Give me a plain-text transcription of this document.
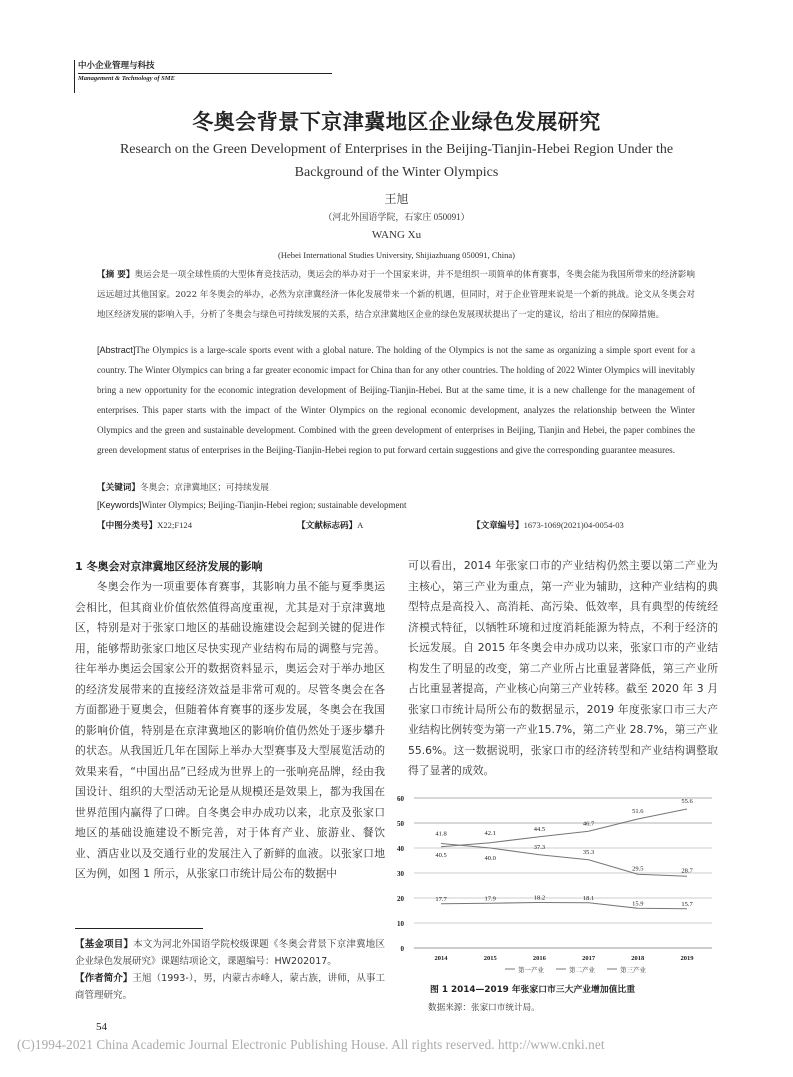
中小企业管理与科技
Management & Technology of SME
冬奥会背景下京津冀地区企业绿色发展研究
Research on the Green Development of Enterprises in the Beijing-Tianjin-Hebei Region Under the Background of the Winter Olympics
王旭
（河北外国语学院，石家庄 050091）
WANG Xu
(Hebei International Studies University, Shijiazhuang 050091, China)
【摘 要】奥运会是一项全球性质的大型体育竞技活动，奥运会的举办对于一个国家来讲，并不是组织一项简单的体育赛事，冬奥会能为我国所带来的经济影响远远超过其他国家。2022 年冬奥会的举办，必然为京津冀经济一体化发展带来一个新的机遇，但同时，对于企业管理来说是一个新的挑战。论文从冬奥会对地区经济发展的影响入手，分析了冬奥会与绿色可持续发展的关系，结合京津冀地区企业的绿色发展现状提出了一定的建议，给出了相应的保障措施。
[Abstract]The Olympics is a large-scale sports event with a global nature. The holding of the Olympics is not the same as organizing a simple sport event for a country. The Winter Olympics can bring a far greater economic impact for China than for any other countries. The holding of 2022 Winter Olympics will inevitably bring a new opportunity for the economic integration development of Beijing-Tianjin-Hebei. But at the same time, it is a new challenge for the management of enterprises. This paper starts with the impact of the Winter Olympics on the regional economic development, analyzes the relationship between the Winter Olympics and the green and sustainable development. Combined with the green development of enterprises in Beijing, Tianjin and Hebei, the paper combines the green development status of enterprises in the Beijing-Tianjin-Hebei region to put forward certain suggestions and give the corresponding guarantee measures.
【关键词】冬奥会；京津冀地区；可持续发展
[Keywords]Winter Olympics; Beijing-Tianjin-Hebei region; sustainable development
【中图分类号】X22;F124	【文献标志码】A	【文章编号】1673-1069(2021)04-0054-03
1 冬奥会对京津冀地区经济发展的影响

冬奥会作为一项重要体育赛事，其影响力虽不能与夏季奥运会相比，但其商业价值依然值得高度重视，尤其是对于京津冀地区，特别是对于张家口地区的基础设施建设会起到关键的促进作用，能够帮助张家口地区尽快实现产业结构布局的调整与完善。往年举办奥运会国家公开的数据资料显示，奥运会对于举办地区的经济发展带来的直接经济效益是非常可观的。尽管冬奥会在各方面都逊于夏奥会，但随着体育赛事的逐步发展，冬奥会在我国的影响价值，特别是在京津冀地区的影响价值仍然处于逐步攀升的状态。从我国近几年在国际上举办大型赛事及大型展览活动的效果来看，“中国出品”已经成为世界上的一张响亮品牌，经由我国设计、组织的大型活动无论是从规模还是效果上，都为我国在世界范围内赢得了口碑。自冬奥会申办成功以来，北京及张家口地区的基础设施建设不断完善，对于体育产业、旅游业、餐饮业、酒店业以及交通行业的发展注入了新鲜的血液。以张家口地区为例，如图 1 所示，从张家口市统计局公布的数据中

可以看出，2014 年张家口市的产业结构仍然主要以第二产业为主核心，第三产业为重点，第一产业为辅助，这种产业结构的典型特点是高投入、高消耗、高污染、低效率，具有典型的传统经济模式特征，以牺牲环境和过度消耗能源为特点，不利于经济的长远发展。自 2015 年冬奥会申办成功以来，张家口市的产业结构发生了明显的改变，第二产业所占比重显著降低，第三产业所占比重显著提高，产业核心向第三产业转移。截至 2020 年 3 月张家口市统计局所公布的数据显示，2019 年度张家口市三大产业结构比例转变为第一产业15.7%，第二产业 28.7%，第三产业 55.6%。这一数据说明，张家口市的经济转型和产业结构调整取得了显著的成效。

0
10
20
30
40
50
60
2014	2015	2016	2017	2018	2019
17.7	17.9	18.2	18.1
15.9	15.7
41.8
40.0
37.3
35.3
29.5	28.7
40.5
42.1
44.5
46.7
51.6
55.6
第一产业	第二产业	第三产业
图 1 2014—2019 年张家口市三大产业增加值比重
数据来源：张家口市统计局。
【基金项目】本文为河北外国语学院校级课题《冬奥会背景下京津冀地区企业绿色发展研究》课题结项论文，课题编号：HW202017。
【作者简介】王旭（1993-），男，内蒙古赤峰人，蒙古族，讲师，从事工商管理研究。
54
(C)1994-2021 China Academic Journal Electronic Publishing House. All rights reserved. http://www.cnki.net
